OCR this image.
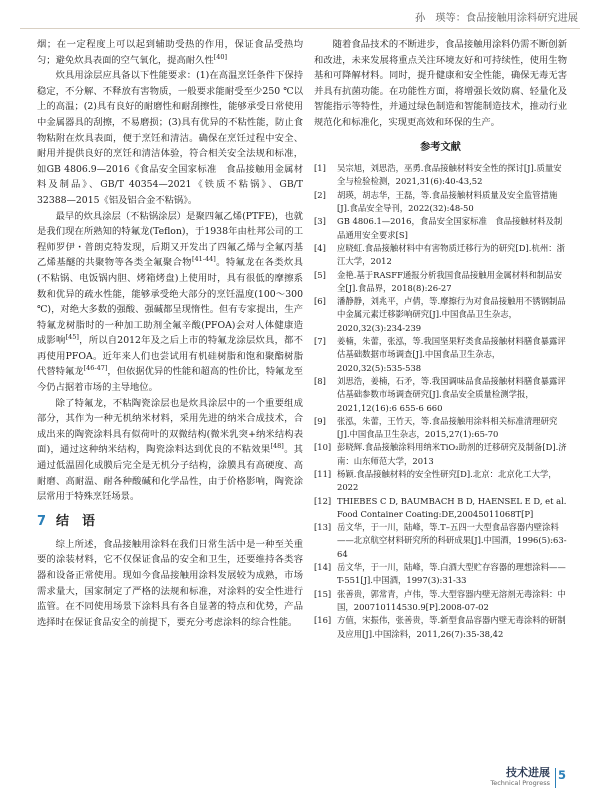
孙　瑛等：食品接触用涂料研究进展

烟；在一定程度上可以起到辅助受热的作用，保证食品受热均匀；避免炊具表面的空气氧化，提高耐久性[40]

炊具用涂层应具备以下性能要求：(1)在高温烹饪条件下保持稳定，不分解、不释放有害物质，一般要求能耐受至少250 ℃以上的高温；(2)具有良好的耐磨性和耐刮擦性，能够承受日常使用中金属器具的刮擦，不易磨损；(3)具有优异的不粘性能，防止食物粘附在炊具表面，便于烹饪和清洁。确保在烹饪过程中安全、耐用并提供良好的烹饪和清洁体验，符合相关安全法规和标准，如GB 4806.9—2016《食品安全国家标准　食品接触用金属材料及制品》、GB/T 40354—2021《铁质不粘锅》、GB/T 32388—2015《铝及铝合金不粘锅》。

最早的炊具涂层（不粘锅涂层）是聚四氟乙烯(PTFE)，也就是我们现在所熟知的特氟龙(Teflon)，于1938年由杜邦公司的工程师罗伊・普朗克特发现，后期又开发出了四氟乙烯与全氟丙基乙烯基醚的共聚物等各类全氟聚合物[41-44]。特氟龙在各类炊具(不粘锅、电饭锅内胆、烤箱烤盘)上使用时，具有很低的摩擦系数和优异的疏水性能，能够承受绝大部分的烹饪温度(100～300 ℃)，对绝大多数的强酸、强碱都呈现惰性。但有专家提出，生产特氟龙树脂时的一种加工助剂全氟辛酸(PFOA)会对人体健康造成影响[45]，所以自2012年及之后上市的特氟龙涂层炊具，都不再使用PFOA。近年来人们也尝试用有机硅树脂和饱和聚酯树脂代替特氟龙[46-47]，但依据优异的性能和超高的性价比，特氟龙至今仍占据着市场的主导地位。

除了特氟龙，不粘陶瓷涂层也是炊具涂层中的一个重要组成部分，其作为一种无机纳米材料，采用先进的纳米合成技术，合成出来的陶瓷涂料具有似荷叶的双微结构(微米乳突+纳米结构表面)，通过这种纳米结构，陶瓷涂料达到优良的不粘效果[48]。其通过低温固化成膜后完全是无机分子结构，涂膜具有高硬度、高耐磨、高耐温、耐各种酸碱和化学品性，由于价格影响，陶瓷涂层常用于特殊烹饪场景。

7 结　语

综上所述，食品接触用涂料在我们日常生活中是一种至关重要的涂装材料，它不仅保证食品的安全和卫生，还要维持各类容器和设备正常使用。现如今食品接触用涂料发展较为成熟，市场需求量大，国家制定了严格的法规和标准，对涂料的安全性进行监管。在不同使用场景下涂料具有各自显著的特点和优势，产品选择时在保证食品安全的前提下，要充分考虑涂料的综合性能。

随着食品技术的不断进步，食品接触用涂料仍需不断创新和改进，未来发展将重点关注环境友好和可持续性，使用生物基和可降解材料。同时，提升健康和安全性能，确保无毒无害并具有抗菌功能。在功能性方面，将增强长效防腐、轻量化及智能指示等特性，并通过绿色制造和智能制造技术，推动行业规范化和标准化，实现更高效和环保的生产。

参考文献
[1]	吴宗旭，刘思浩，巫勇.食品接触材料安全性的探讨[J].质量安全与检验检测，2021,31(6):40-43,52
[2]	胡瑛，胡志华，王磊，等.食品接触材料质量及安全监管措施[J].食品安全导刊，2022(32):48-50
[3]	GB 4806.1—2016，食品安全国家标准　食品接触材料及制品通用安全要求[S]
[4]	应晓虹.食品接触材料中有害物质迁移行为的研究[D].杭州：浙江大学，2012
[5]	金艳.基于RASFF通报分析我国食品接触用金属材料和制品安全[J].食品界，2018(8):26-27
[6]	潘静静，刘兆平，卢倩，等.摩擦行为对食品接触用不锈钢制品中金属元素迁移影响研究[J].中国食品卫生杂志，2020,32(3):234-239
[7]	姜楠，朱蕾，张泓，等.我国坚果籽类食品接触材料膳食暴露评估基础数据市场调查[J].中国食品卫生杂志，2020,32(5):535-538
[8]	刘思浩，姜楠，石矛，等.我国调味品食品接触材料膳食暴露评估基础参数市场调查研究[J].食品安全质量检测学报，2021,12(16):6 655-6 660
[9]	张泓，朱蕾，王竹天，等.食品接触用涂料相关标准清理研究[J].中国食品卫生杂志，2015,27(1):65-70
[10] 彭晓辉.食品接触涂料用纳米TiO₂助剂的迁移研究及制备[D].济南：山东师范大学，2013
[11] 杨颖.食品接触材料的安全性研究[D].北京：北京化工大学，2022
[12] THIEBES C D, BAUMBACH B D, HAENSEL E D, et al. Food Container Coating:DE,20045011068T[P]
[13] 岳文华，于一川，陆峰，等.T–五四一大型食品容器内壁涂料——北京航空材料研究所的科研成果[J].中国酒，1996(5):63-64
[14] 岳文华，于一川，陆峰，等.白酒大型贮存容器的理想涂料——T-551[J].中国酒，1997(3):31-33
[15] 张善贵，郭常青，卢伟，等.大型容器内壁无溶剂无毒涂料：中国，200710114530.9[P].2008-07-02
[16] 方值，宋振伟，张善贵，等.新型食品容器内壁无毒涂料的研制及应用[J].中国涂料，2011,26(7):35-38,42
技术进展
Technical Progress
5
